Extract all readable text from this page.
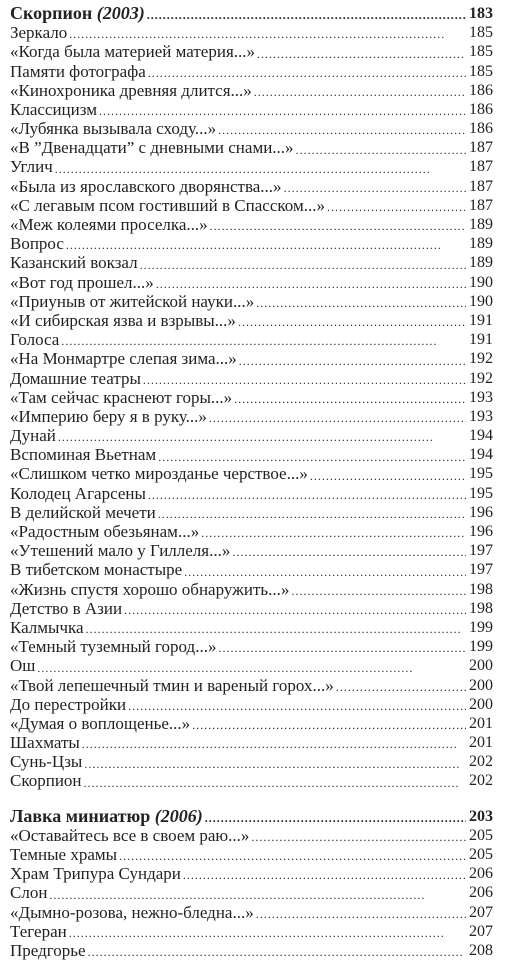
Скорпион (2003) . . .	183
Зеркало . . .	185
«Когда была материей материя...» . . .	185
Памяти фотографа . . .	185
«Кинохроника древняя длится...» . . .	186
Классицизм . . .	186
«Лубянка вызывала сходу...» . . .	186
«В ”Двенадцати” с дневными снами...» . . .	187
Углич . . .	187
«Была из ярославского дворянства...» . . .	187
«С легавым псом гостивший в Спасском...» . . .	187
«Меж колеями проселка...» . . .	189
Вопрос . . .	189
Казанский вокзал . . .	189
«Вот год прошел...» . . .	190
«Приуныв от житейской науки...» . . .	190
«И сибирская язва и взрывы...» . . .	191
Голоса . . .	191
«На Монмартре слепая зима...» . . .	192
Домашние театры . . .	192
«Там сейчас краснеют горы...» . . .	193
«Империю беру я в руку...» . . .	193
Дунай . . .	194
Вспоминая Вьетнам . . .	194
«Слишком четко мирозданье черствое...» . . .	195
Колодец Агарсены . . .	195
В делийской мечети . . .	196
«Радостным обезьянам...» . . .	196
«Утешений мало у Гиллеля...» . . .	197
В тибетском монастыре . . .	197
«Жизнь спустя хорошо обнаружить...» . . .	198
Детство в Азии . . .	198
Калмычка . . .	199
«Темный туземный город...» . . .	199
Ош . . .	200
«Твой лепешечный тмин и вареный горох...» . . .	200
До перестройки . . .	200
«Думая о воплощенье...» . . .	201
Шахматы . . .	201
Сунь-Цзы . . .	202
Скорпион . . .	202
Лавка миниатюр (2006) . . .	203
«Оставайтесь все в своем раю...» . . .	205
Темные храмы . . .	205
Храм Трипура Сундари . . .	206
Слон . . .	206
«Дымно-розова, нежно-бледна...» . . .	207
Тегеран . . .	207
Предгорье . . .	208
